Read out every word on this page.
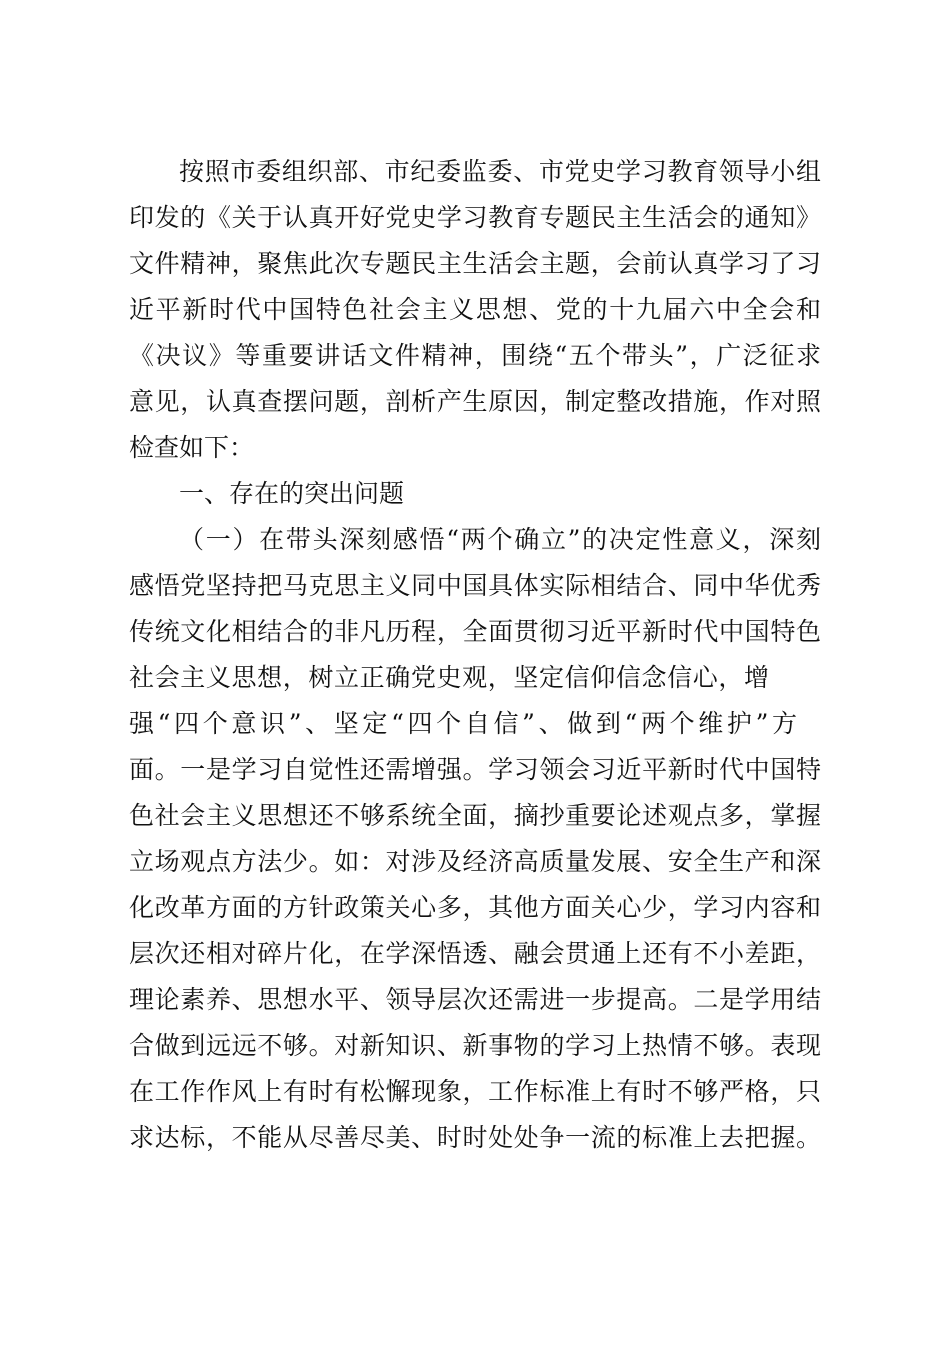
按照市委组织部、市纪委监委、市党史学习教育领导小组
印发的《关于认真开好党史学习教育专题民主生活会的通知》
文件精神，聚焦此次专题民主生活会主题，会前认真学习了习
近平新时代中国特色社会主义思想、党的十九届六中全会和
《决议》等重要讲话文件精神，围绕“五个带头”，广泛征求
意见，认真查摆问题，剖析产生原因，制定整改措施，作对照
检查如下：
一、存在的突出问题
（一）在带头深刻感悟“两个确立”的决定性意义，深刻
感悟党坚持把马克思主义同中国具体实际相结合、同中华优秀
传统文化相结合的非凡历程，全面贯彻习近平新时代中国特色
社会主义思想，树立正确党史观，坚定信仰信念信心，增
强“四个意识”、坚定“四个自信”、做到“两个维护”方
面。一是学习自觉性还需增强。学习领会习近平新时代中国特
色社会主义思想还不够系统全面，摘抄重要论述观点多，掌握
立场观点方法少。如：对涉及经济高质量发展、安全生产和深
化改革方面的方针政策关心多，其他方面关心少，学习内容和
层次还相对碎片化，在学深悟透、融会贯通上还有不小差距，
理论素养、思想水平、领导层次还需进一步提高。二是学用结
合做到远远不够。对新知识、新事物的学习上热情不够。表现
在工作作风上有时有松懈现象，工作标准上有时不够严格，只
求达标，不能从尽善尽美、时时处处争一流的标准上去把握。
